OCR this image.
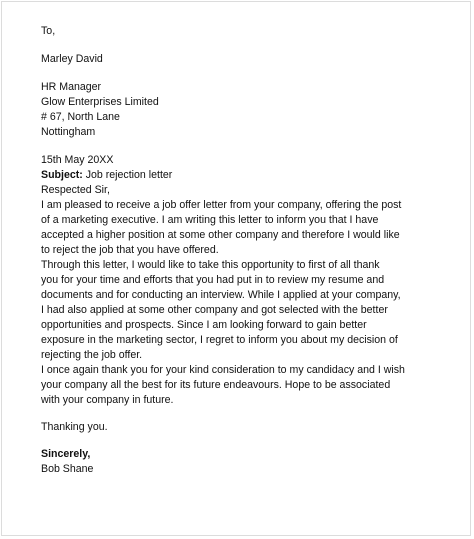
To,
Marley David
HR Manager
Glow Enterprises Limited
# 67, North Lane
Nottingham
15th May 20XX
Subject: Job rejection letter
Respected Sir,
I am pleased to receive a job offer letter from your company, offering the post
of a marketing executive. I am writing this letter to inform you that I have
accepted a higher position at some other company and therefore I would like
to reject the job that you have offered.
Through this letter, I would like to take this opportunity to first of all thank
you for your time and efforts that you had put in to review my resume and
documents and for conducting an interview. While I applied at your company,
I had also applied at some other company and got selected with the better
opportunities and prospects. Since I am looking forward to gain better
exposure in the marketing sector, I regret to inform you about my decision of
rejecting the job offer.
I once again thank you for your kind consideration to my candidacy and I wish
your company all the best for its future endeavours. Hope to be associated
with your company in future.
Thanking you.
Sincerely,
Bob Shane
